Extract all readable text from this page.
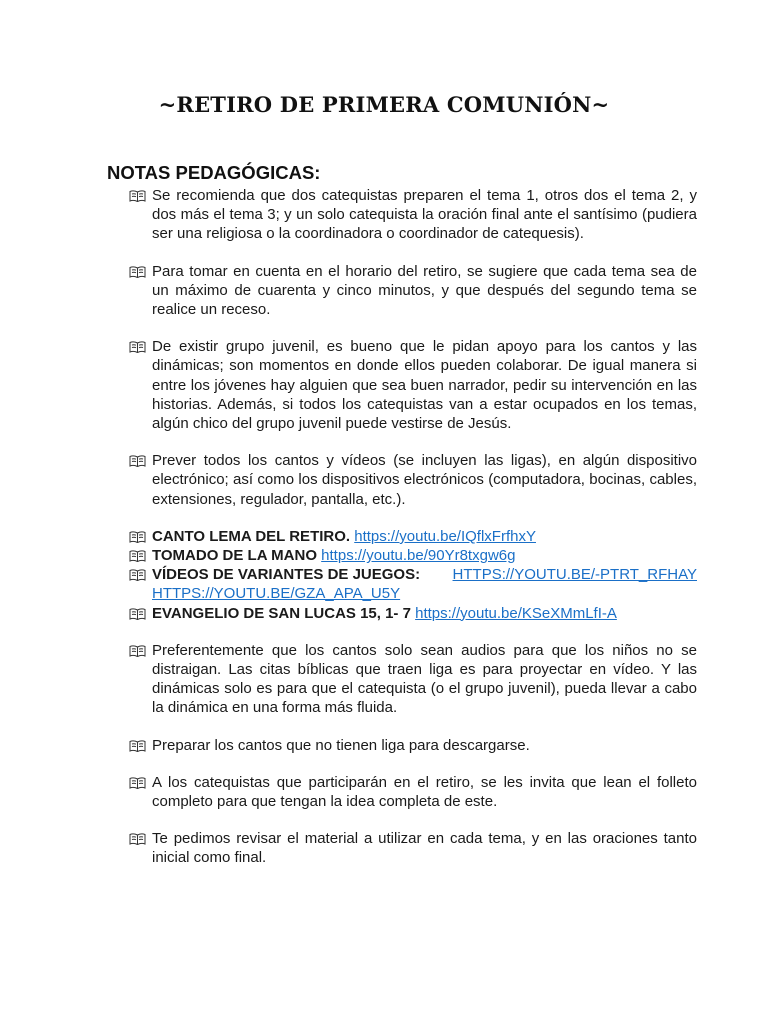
~RETIRO DE PRIMERA COMUNIÓN~
NOTAS PEDAGÓGICAS:
Se recomienda que dos catequistas preparen el tema 1, otros dos el tema 2, y dos más el tema 3; y un solo catequista la oración final ante el santísimo (pudiera ser una religiosa o la coordinadora o coordinador de catequesis).
Para tomar en cuenta en el horario del retiro, se sugiere que cada tema sea de un máximo de cuarenta y cinco minutos, y que después del segundo tema se realice un receso.
De existir grupo juvenil, es bueno que le pidan apoyo para los cantos y las dinámicas; son momentos en donde ellos pueden colaborar. De igual manera si entre los jóvenes hay alguien que sea buen narrador, pedir su intervención en las historias. Además, si todos los catequistas van a estar ocupados en los temas, algún chico del grupo juvenil puede vestirse de Jesús.
Prever todos los cantos y vídeos (se incluyen las ligas), en algún dispositivo electrónico; así como los dispositivos electrónicos (computadora, bocinas, cables, extensiones, regulador, pantalla, etc.).
CANTO LEMA DEL RETIRO. https://youtu.be/IQflxFrfhxY
TOMADO DE LA MANO https://youtu.be/90Yr8txgw6g
VÍDEOS DE VARIANTES DE JUEGOS: HTTPS://YOUTU.BE/-PTRT_RFHAY
HTTPS://YOUTU.BE/GZA_APA_U5Y
EVANGELIO DE SAN LUCAS 15, 1- 7 https://youtu.be/KSeXMmLfI-A
Preferentemente que los cantos solo sean audios para que los niños no se distraigan. Las citas bíblicas que traen liga es para proyectar en vídeo. Y las dinámicas solo es para que el catequista (o el grupo juvenil), pueda llevar a cabo la dinámica en una forma más fluida.
Preparar los cantos que no tienen liga para descargarse.
A los catequistas que participarán en el retiro, se les invita que lean el folleto completo para que tengan la idea completa de este.
Te pedimos revisar el material a utilizar en cada tema, y en las oraciones tanto inicial como final.
